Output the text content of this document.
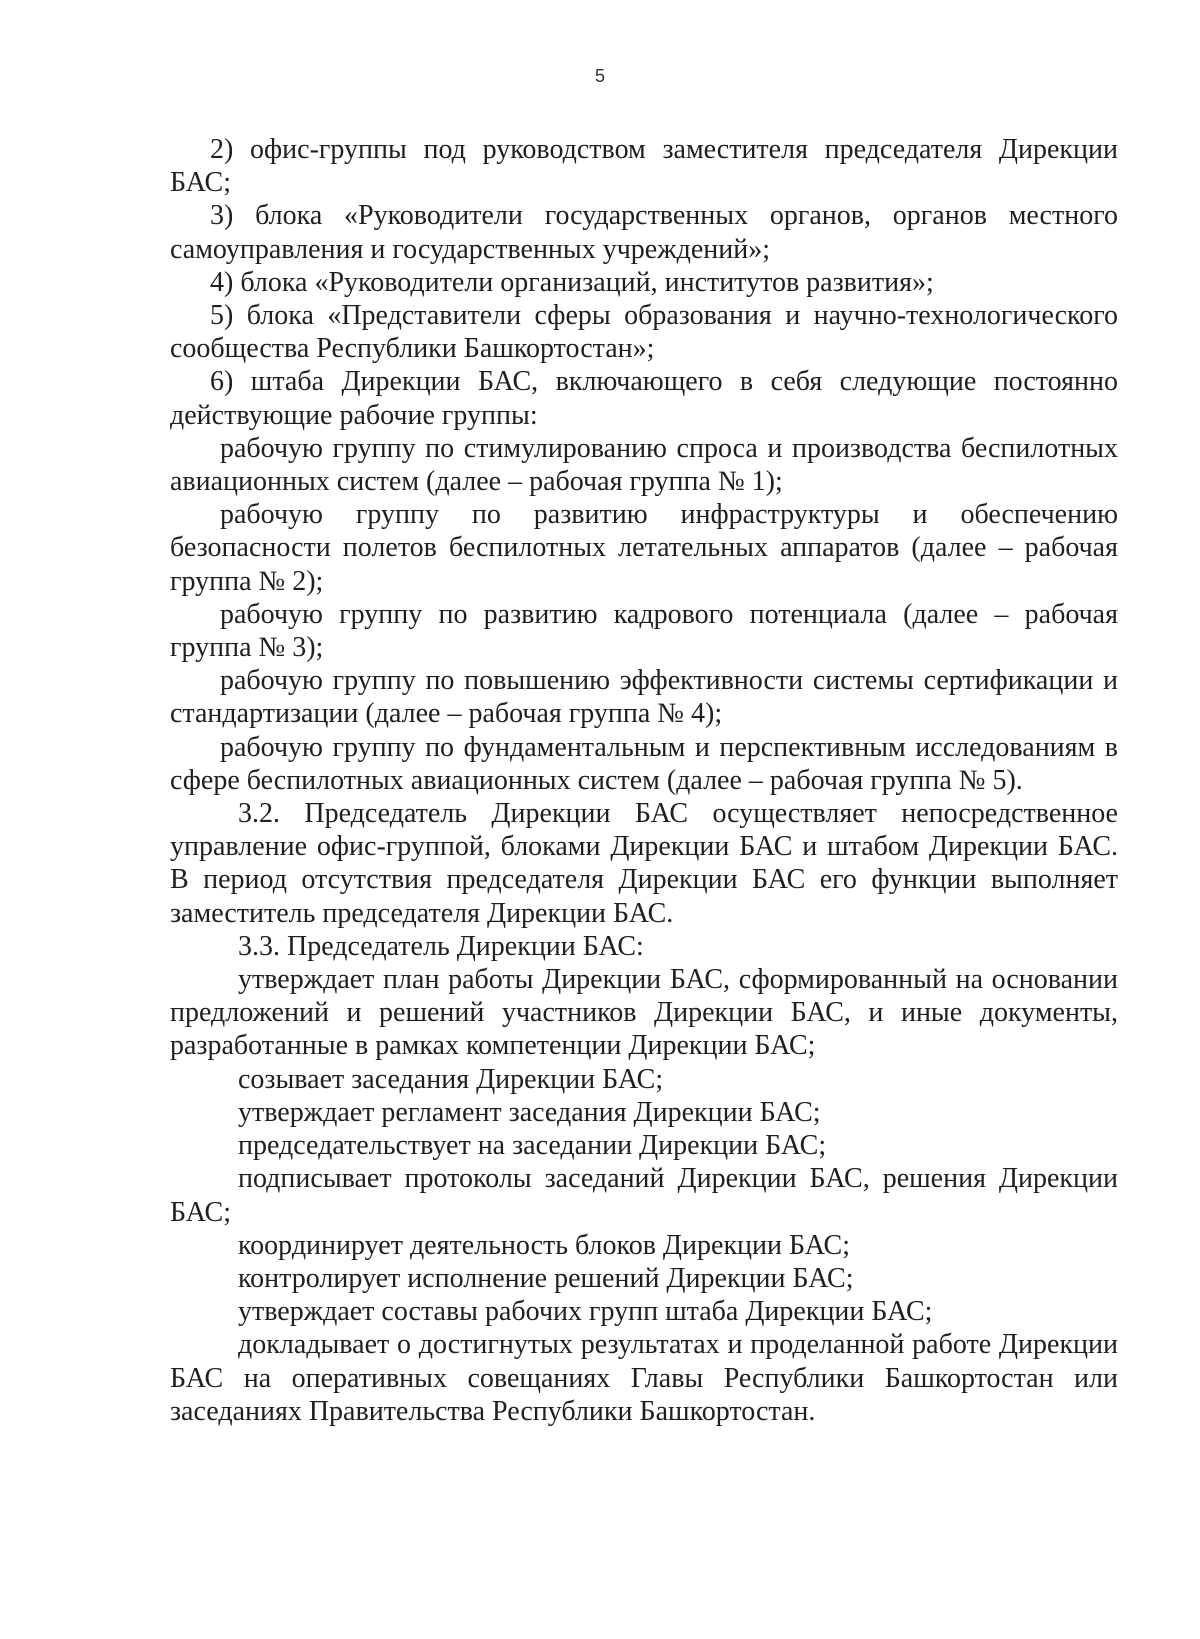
5

2) офис-группы под руководством заместителя председателя Дирекции БАС;

3) блока «Руководители государственных органов, органов местного самоуправления и государственных учреждений»;

4) блока «Руководители организаций, институтов развития»;

5) блока «Представители сферы образования и научно-технологического сообщества Республики Башкортостан»;

6) штаба Дирекции БАС, включающего в себя следующие постоянно действующие рабочие группы:

рабочую группу по стимулированию спроса и производства беспилотных авиационных систем (далее – рабочая группа № 1);

рабочую группу по развитию инфраструктуры и обеспечению безопасности полетов беспилотных летательных аппаратов (далее – рабочая группа № 2);

рабочую группу по развитию кадрового потенциала (далее – рабочая группа № 3);

рабочую группу по повышению эффективности системы сертификации и стандартизации (далее – рабочая группа № 4);

рабочую группу по фундаментальным и перспективным исследованиям в сфере беспилотных авиационных систем (далее – рабочая группа № 5).

3.2. Председатель Дирекции БАС осуществляет непосредственное управление офис-группой, блоками Дирекции БАС и штабом Дирекции БАС. В период отсутствия председателя Дирекции БАС его функции выполняет заместитель председателя Дирекции БАС.

3.3. Председатель Дирекции БАС:

утверждает план работы Дирекции БАС, сформированный на основании предложений и решений участников Дирекции БАС, и иные документы, разработанные в рамках компетенции Дирекции БАС;

созывает заседания Дирекции БАС;

утверждает регламент заседания Дирекции БАС;

председательствует на заседании Дирекции БАС;

подписывает протоколы заседаний Дирекции БАС, решения Дирекции БАС;

координирует деятельность блоков Дирекции БАС;

контролирует исполнение решений Дирекции БАС;

утверждает составы рабочих групп штаба Дирекции БАС;

докладывает о достигнутых результатах и проделанной работе Дирекции БАС на оперативных совещаниях Главы Республики Башкортостан или заседаниях Правительства Республики Башкортостан.
